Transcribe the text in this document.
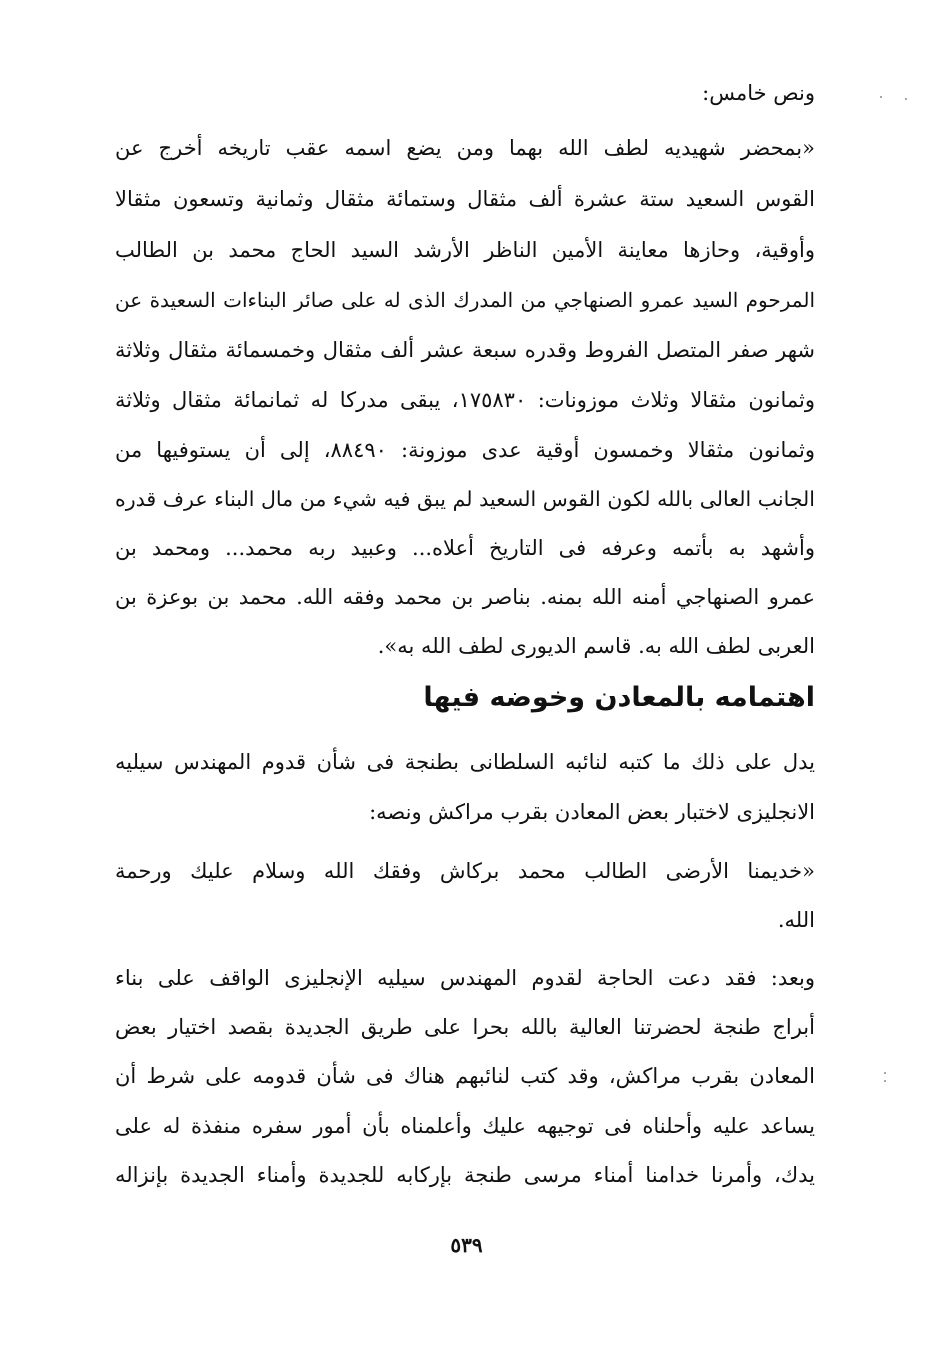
ونص خامس:
«بمحضر شهيديه لطف الله بهما ومن يضع اسمه عقب تاريخه أخرج عن
القوس السعيد ستة عشرة ألف مثقال وستمائة مثقال وثمانية وتسعون مثقالا
وأوقية، وحازها معاينة الأمين الناظر الأرشد السيد الحاج محمد بن الطالب
المرحوم السيد عمرو الصنهاجي من المدرك الذى له على صائر البناءات السعيدة عن
شهر صفر المتصل الفروط وقدره سبعة عشر ألف مثقال وخمسمائة مثقال وثلاثة
وثمانون مثقالا وثلاث موزونات: ١٧٥٨٣٠، يبقى مدركا له ثمانمائة مثقال وثلاثة
وثمانون مثقالا وخمسون أوقية عدى موزونة: ٨٨٤٩٠، إلى أن يستوفيها من
الجانب العالى بالله لكون القوس السعيد لم يبق فيه شيء من مال البناء عرف قدره
وأشهد به بأتمه وعرفه فى التاريخ أعلاه... وعبيد ربه محمد... ومحمد بن
عمرو الصنهاجي أمنه الله بمنه. بناصر بن محمد وفقه الله. محمد بن بوعزة بن
العربى لطف الله به. قاسم الديورى لطف الله به».
اهتمامه بالمعادن وخوضه فيها
يدل على ذلك ما كتبه لنائبه السلطانى بطنجة فى شأن قدوم المهندس سيليه
الانجليزى لاختبار بعض المعادن بقرب مراكش ونصه:
«خديمنا الأرضى الطالب محمد بركاش وفقك الله وسلام عليك ورحمة
الله.
وبعد: فقد دعت الحاجة لقدوم المهندس سيليه الإنجليزى الواقف على بناء
أبراج طنجة لحضرتنا العالية بالله بحرا على طريق الجديدة بقصد اختيار بعض
المعادن بقرب مراكش، وقد كتب لنائبهم هناك فى شأن قدومه على شرط أن
يساعد عليه وأحلناه فى توجيهه عليك وأعلمناه بأن أمور سفره منفذة له على
يدك، وأمرنا خدامنا أمناء مرسى طنجة بإركابه للجديدة وأمناء الجديدة بإنزاله
٥٣٩
